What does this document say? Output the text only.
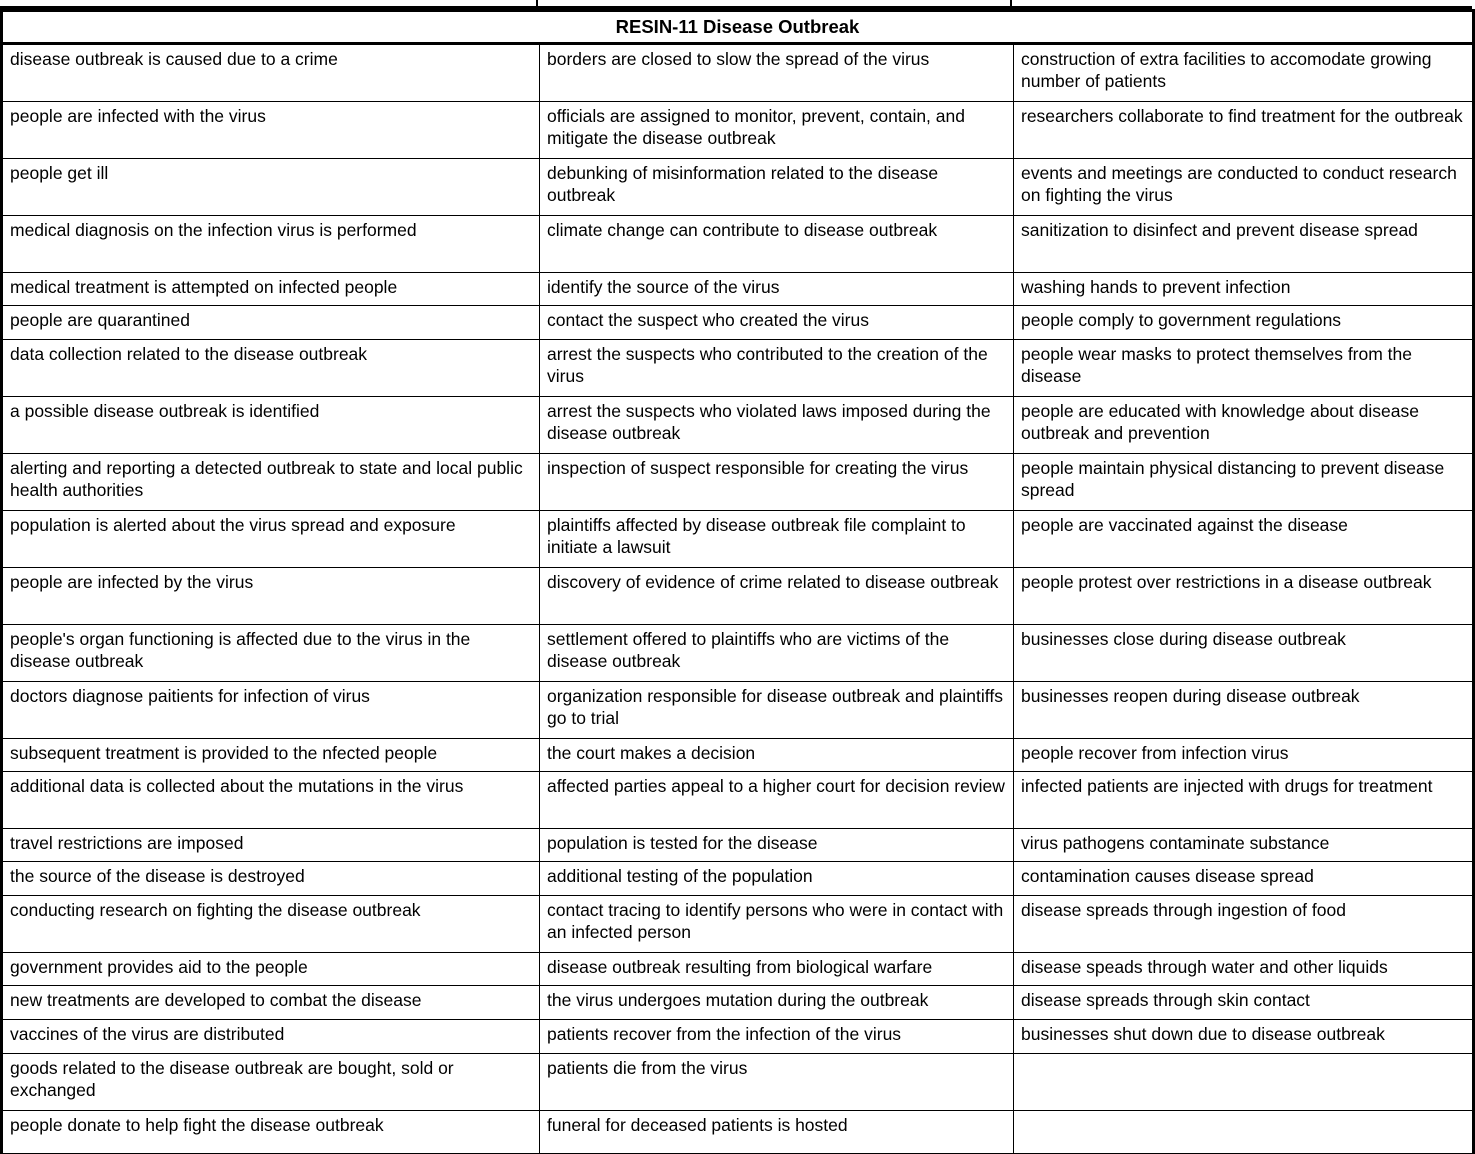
RESIN-11 Disease Outbreak		
disease outbreak is caused due to a crime	borders are closed to slow the spread of the virus	construction of extra facilities to accomodate growing number of patients
people are infected with the virus	officials are assigned to monitor, prevent, contain, and mitigate the disease outbreak	researchers collaborate to find treatment for the outbreak
people get ill	debunking of misinformation related to the disease outbreak	events and meetings are conducted to conduct research on fighting the virus
medical diagnosis on the infection virus is performed	climate change can contribute to disease outbreak	sanitization to disinfect and prevent disease spread
medical treatment is attempted on infected people	identify the source of the virus	washing hands to prevent infection
people are quarantined	contact the suspect who created the virus	people comply to government regulations
data collection related to the disease outbreak	arrest the suspects who contributed to the creation of the virus	people wear masks to protect themselves from the disease
a possible disease outbreak is identified	arrest the suspects who violated laws imposed during the disease outbreak	people are educated with knowledge about disease outbreak and prevention
alerting and reporting a detected outbreak to state and local public health authorities	inspection of suspect responsible for creating the virus	people maintain physical distancing to prevent disease spread
population is alerted about the virus spread and exposure	plaintiffs affected by disease outbreak file complaint to initiate a lawsuit	people are vaccinated against the disease
people are infected by the virus	discovery of evidence of crime related to disease outbreak	people protest over restrictions in a disease outbreak
people's organ functioning is affected due to the virus in the disease outbreak	settlement offered to plaintiffs who are victims of the disease outbreak	businesses close during disease outbreak
doctors diagnose paitients for infection of virus	organization responsible for disease outbreak and plaintiffs go to trial	businesses reopen during disease outbreak
subsequent treatment is provided to the nfected people	the court makes a decision	people recover from infection virus
additional data is collected about the mutations in the virus	affected parties appeal to a higher court for decision review	infected patients are injected with drugs for treatment
travel restrictions are imposed	population is tested for the disease	virus pathogens contaminate substance
the source of the disease is destroyed	additional testing of the population	contamination causes disease spread
conducting research on fighting the disease outbreak	contact tracing to identify persons who were in contact with an infected person	disease spreads through ingestion of food
government provides aid to the people	disease outbreak resulting from biological warfare	disease speads through water and other liquids
new treatments are developed to combat the disease	the virus undergoes mutation during the outbreak	disease spreads through skin contact
vaccines of the virus are distributed	patients recover from the infection of the virus	businesses shut down due to disease outbreak
goods related to the disease outbreak are bought, sold or exchanged	patients die from the virus	
people donate to help fight the disease outbreak	funeral for deceased patients is hosted	
